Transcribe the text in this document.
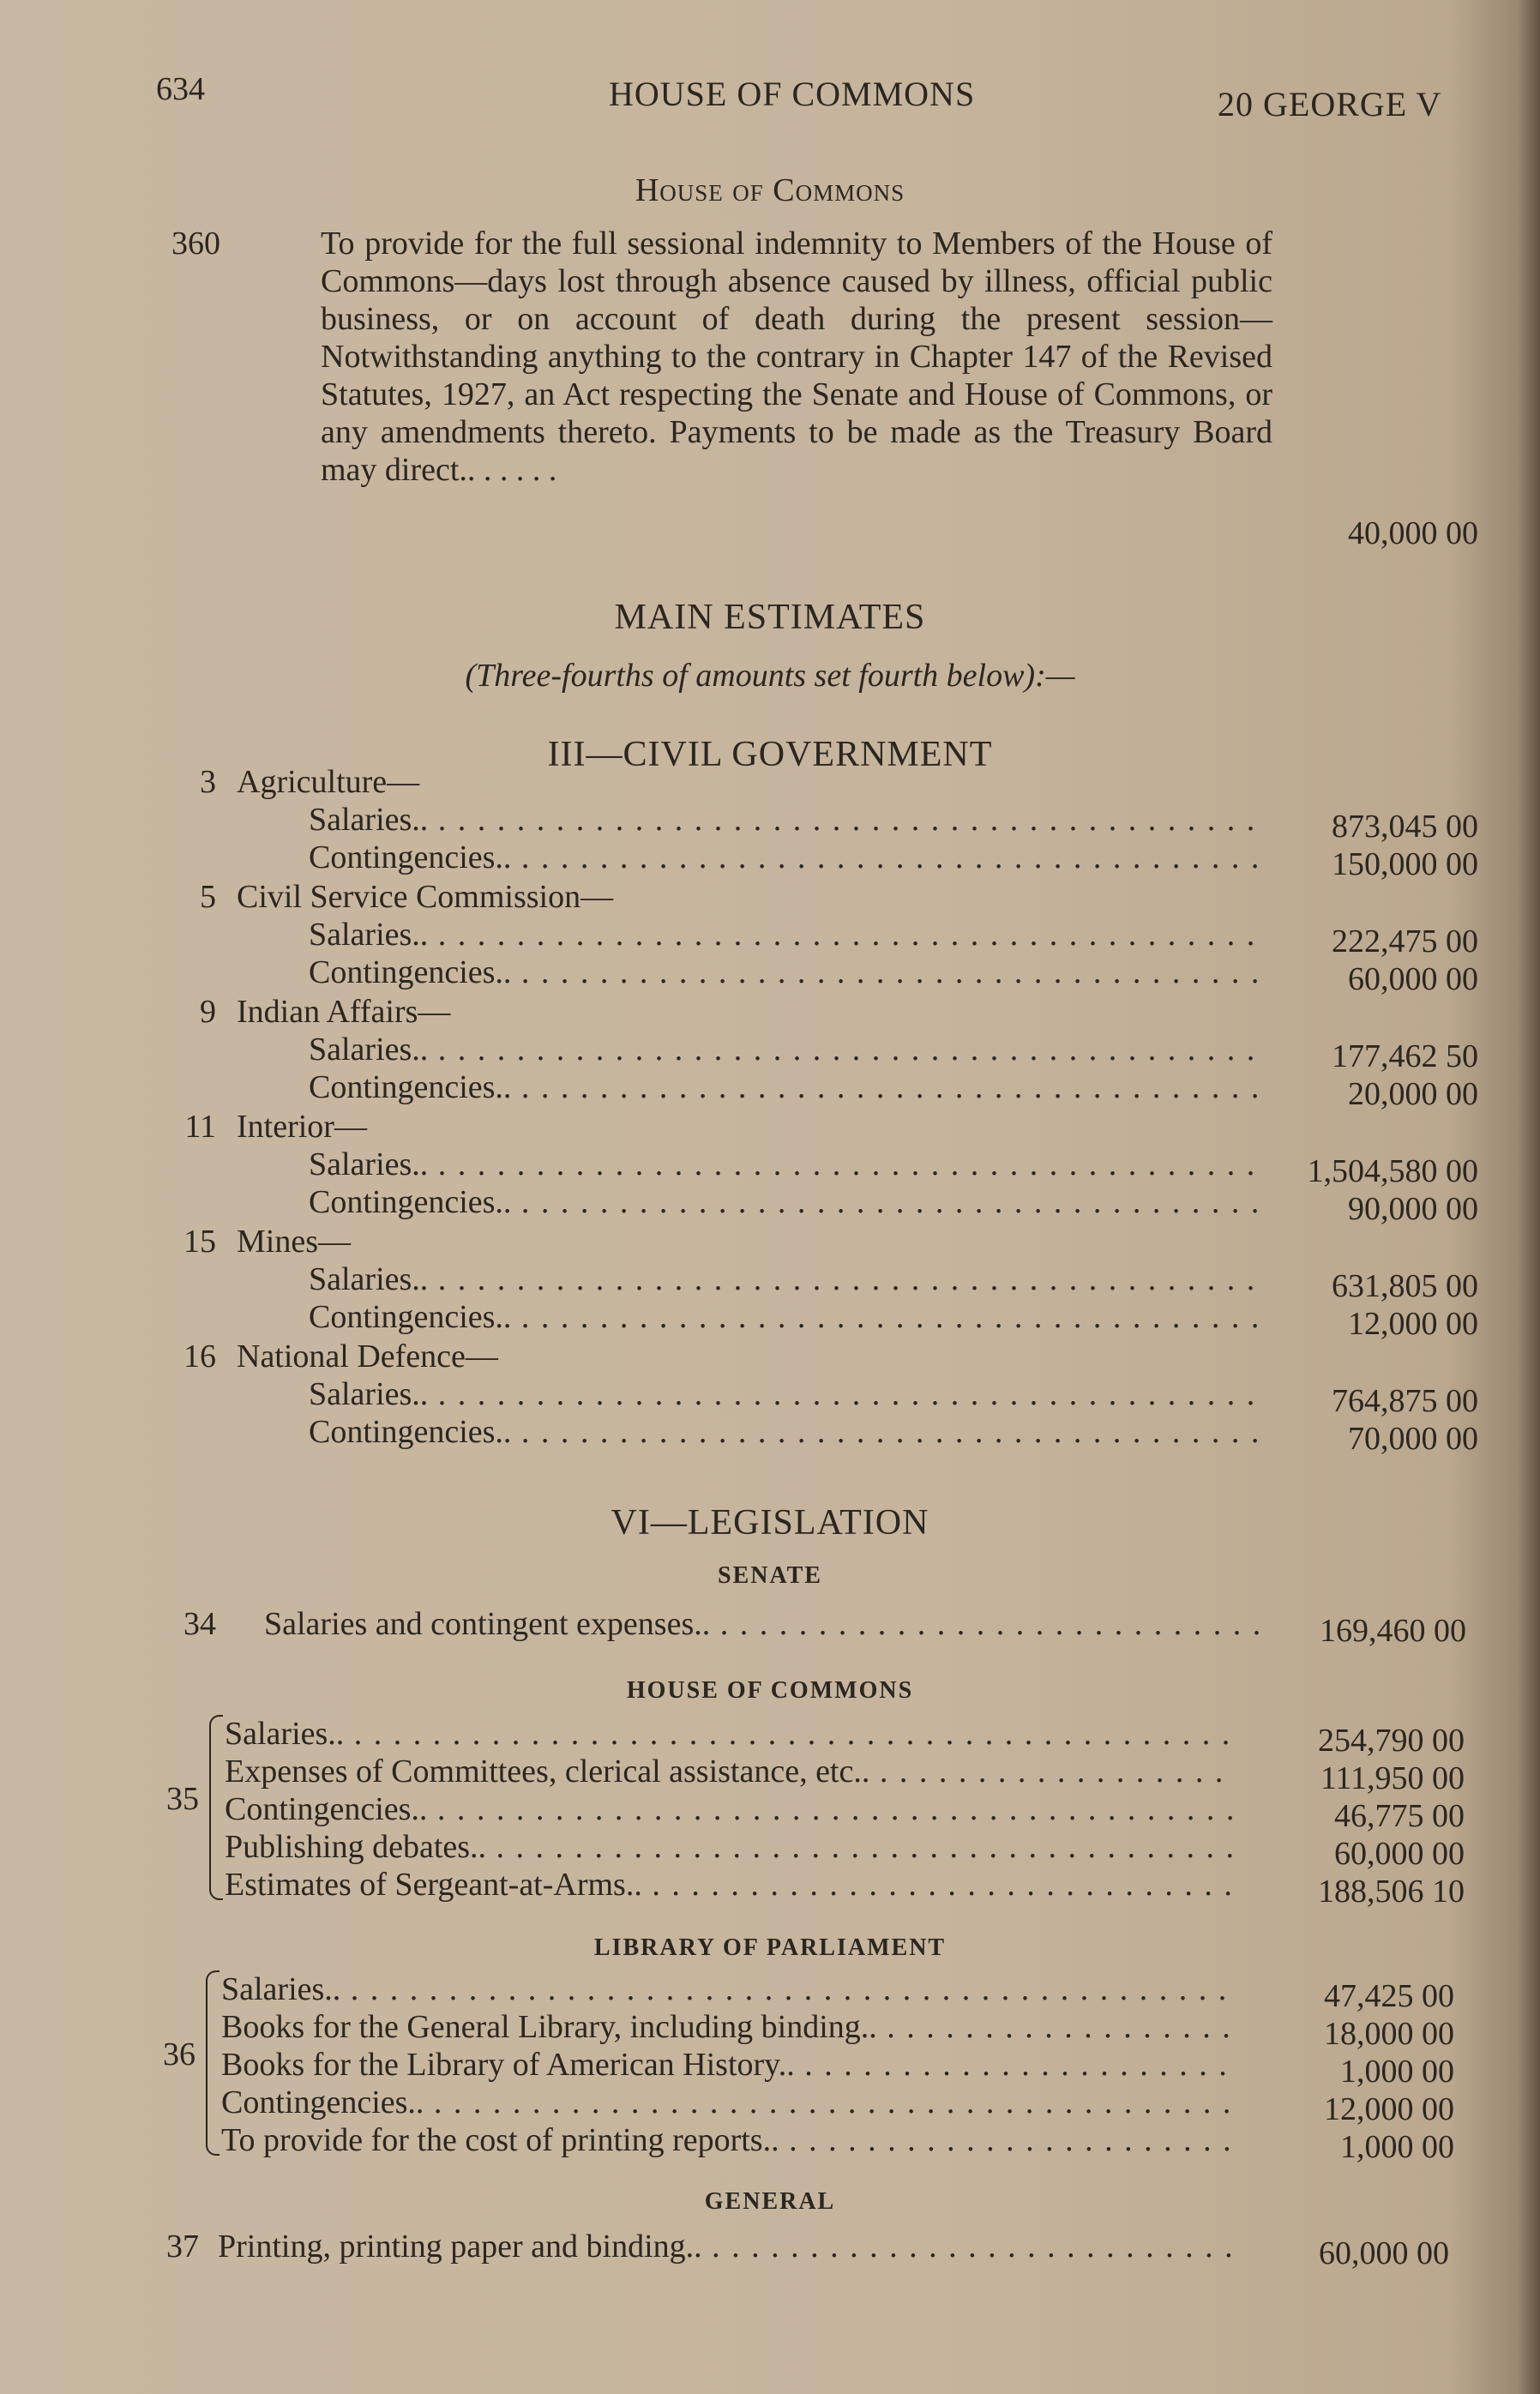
634	HOUSE OF COMMONS	20 GEORGE V
House of Commons
360	To provide for the full sessional indemnity to Members of the House of Commons—days lost through absence caused by illness, official public business, or on account of death during the present session—Notwithstanding anything to the contrary in Chapter 147 of the Revised Statutes, 1927, an Act respecting the Senate and House of Commons, or any amendments thereto. Payments to be made as the Treasury Board may direct.. . . . . .
40,000 00
MAIN ESTIMATES
(Three-fourths of amounts set fourth below):—
III—CIVIL GOVERNMENT
3 Agriculture—
Salaries.. . . .	873,045 00
Contingencies.. . . .	150,000 00
5 Civil Service Commission—
Salaries.. . . .	222,475 00
Contingencies.. . . .	60,000 00
9 Indian Affairs—
Salaries.. . . .	177,462 50
Contingencies.. . . .	20,000 00
11 Interior—
Salaries.. . . .	1,504,580 00
Contingencies.. . . .	90,000 00
15 Mines—
Salaries.. . . .	631,805 00
Contingencies.. . . .	12,000 00
16 National Defence—
Salaries.. . . .	764,875 00
Contingencies.. . . .	70,000 00
VI—LEGISLATION
SENATE
34 Salaries and contingent expenses.. . . .	169,460 00
HOUSE OF COMMONS
35
Salaries.. . . .	254,790 00
Expenses of Committees, clerical assistance, etc.. . . .	111,950 00
Contingencies.. . . .	46,775 00
Publishing debates.. . . .	60,000 00
Estimates of Sergeant-at-Arms.. . . .	188,506 10
LIBRARY OF PARLIAMENT
36
Salaries.. . . .	47,425 00
Books for the General Library, including binding.. . . .	18,000 00
Books for the Library of American History.. . . .	1,000 00
Contingencies.. . . .	12,000 00
To provide for the cost of printing reports.. . . .	1,000 00
GENERAL
37 Printing, printing paper and binding.. . . .	60,000 00
